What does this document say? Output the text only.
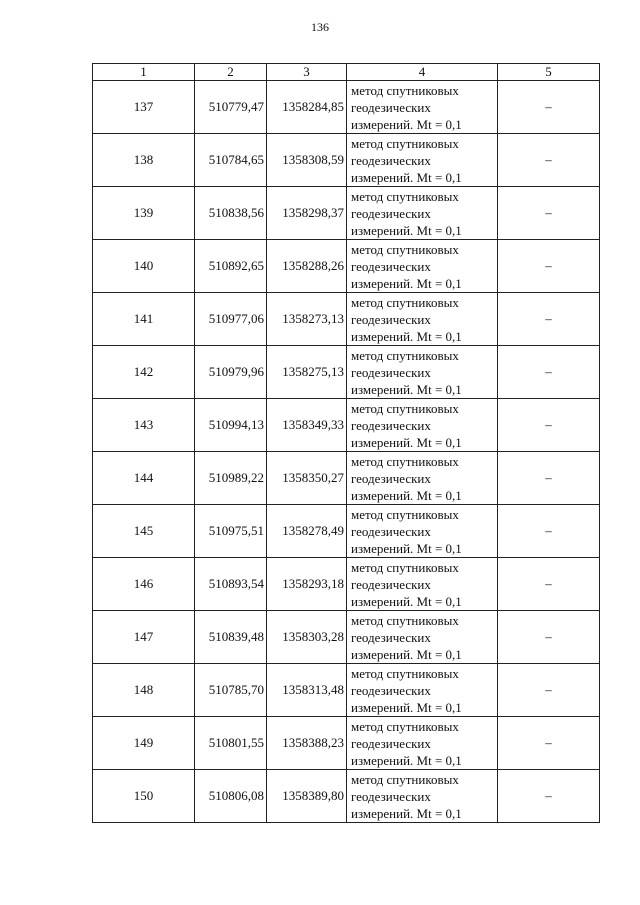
136
1	2	3	4	5
137	510779,47	1358284,85	метод спутниковых
геодезических
измерений. Mt = 0,1	–
138	510784,65	1358308,59	метод спутниковых
геодезических
измерений. Mt = 0,1	–
139	510838,56	1358298,37	метод спутниковых
геодезических
измерений. Mt = 0,1	–
140	510892,65	1358288,26	метод спутниковых
геодезических
измерений. Mt = 0,1	–
141	510977,06	1358273,13	метод спутниковых
геодезических
измерений. Mt = 0,1	–
142	510979,96	1358275,13	метод спутниковых
геодезических
измерений. Mt = 0,1	–
143	510994,13	1358349,33	метод спутниковых
геодезических
измерений. Mt = 0,1	–
144	510989,22	1358350,27	метод спутниковых
геодезических
измерений. Mt = 0,1	–
145	510975,51	1358278,49	метод спутниковых
геодезических
измерений. Mt = 0,1	–
146	510893,54	1358293,18	метод спутниковых
геодезических
измерений. Mt = 0,1	–
147	510839,48	1358303,28	метод спутниковых
геодезических
измерений. Mt = 0,1	–
148	510785,70	1358313,48	метод спутниковых
геодезических
измерений. Mt = 0,1	–
149	510801,55	1358388,23	метод спутниковых
геодезических
измерений. Mt = 0,1	–
150	510806,08	1358389,80	метод спутниковых
геодезических
измерений. Mt = 0,1	–
